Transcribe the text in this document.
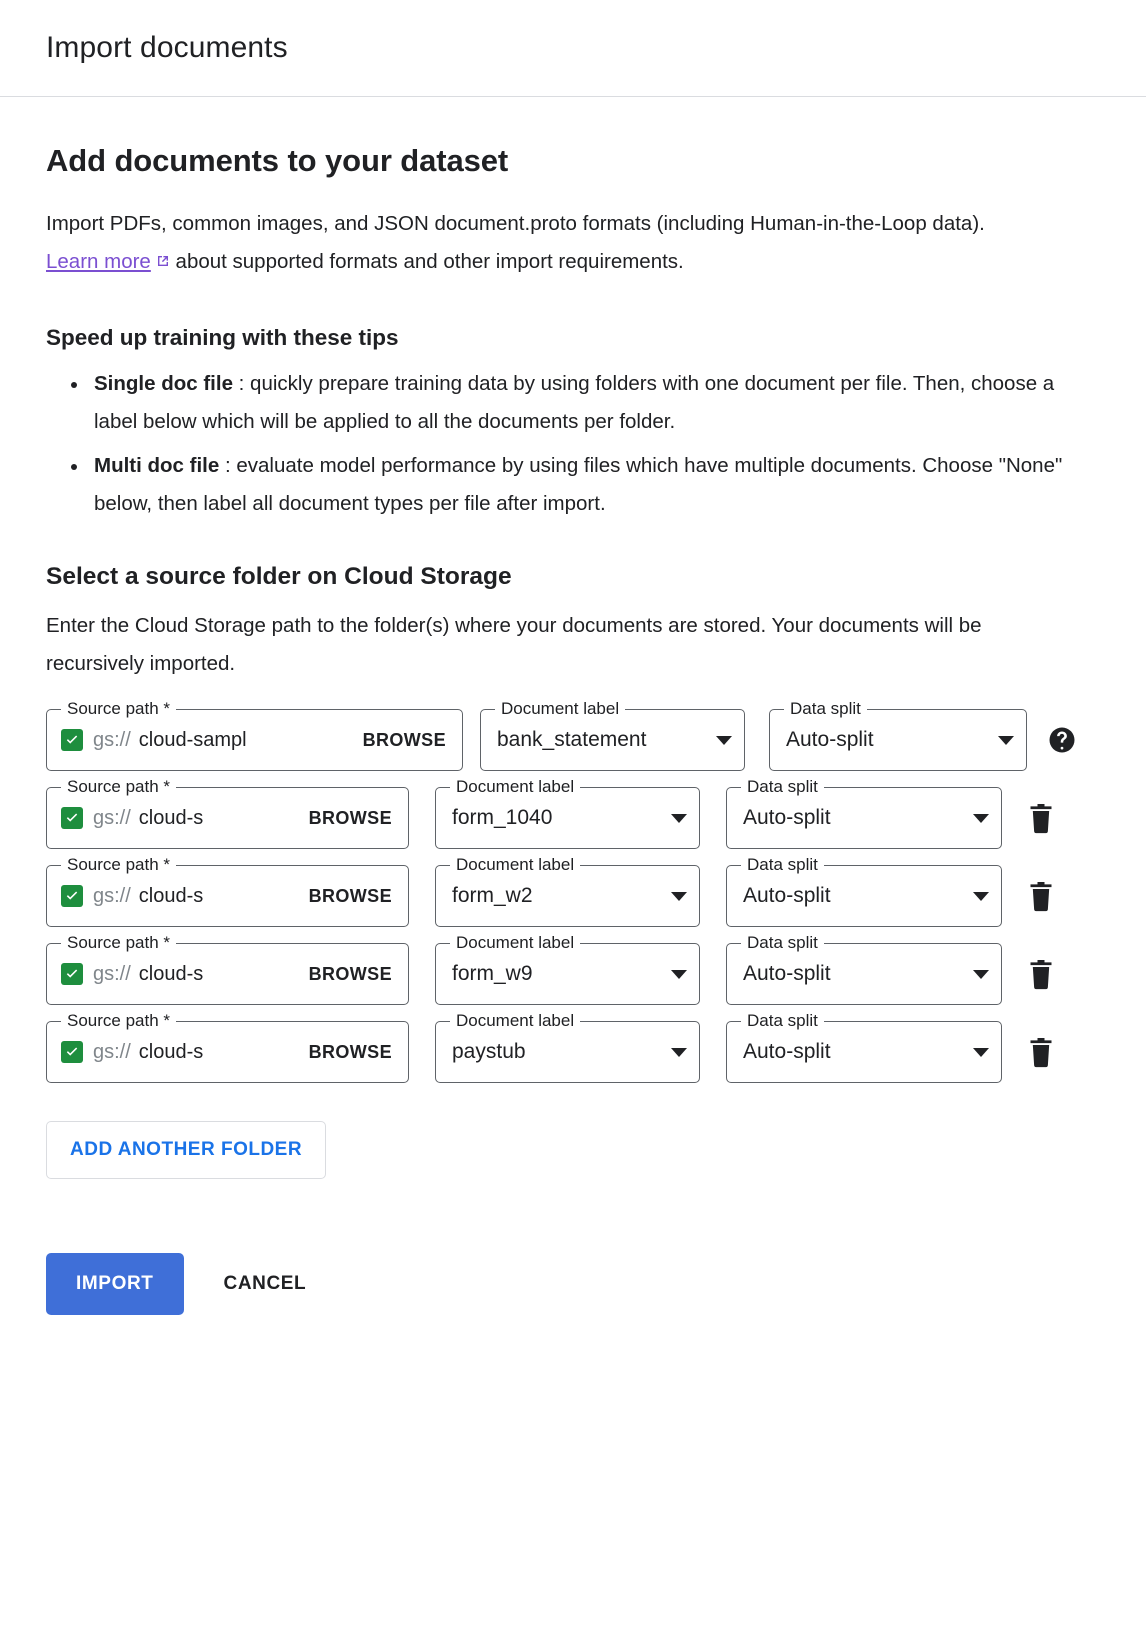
Import documents
Add documents to your dataset

Import PDFs, common images, and JSON document.proto formats (including Human-in-the-Loop data). Learn more
about supported formats and other import requirements.

Speed up training with these tips
Single doc file : quickly prepare training data by using folders with one document per file. Then, choose a label below which will be applied to all the documents per folder.
Multi doc file : evaluate model performance by using files which have multiple documents. Choose "None" below, then label all document types per file after import.
Select a source folder on Cloud Storage

Enter the Cloud Storage path to the folder(s) where your documents are stored. Your documents will be recursively imported.

Source path *
gs:// cloud-sampl	BROWSE
Document label
bank_statement
Data split
Auto-split
Source path *
gs:// cloud-s	BROWSE
Document label
form_1040
Data split
Auto-split
Source path *
gs:// cloud-s	BROWSE
Document label
form_w2
Data split
Auto-split
Source path *
gs:// cloud-s	BROWSE
Document label
form_w9
Data split
Auto-split
Source path *
gs:// cloud-s	BROWSE
Document label
paystub
Data split
Auto-split
ADD ANOTHER FOLDER
IMPORT	CANCEL
